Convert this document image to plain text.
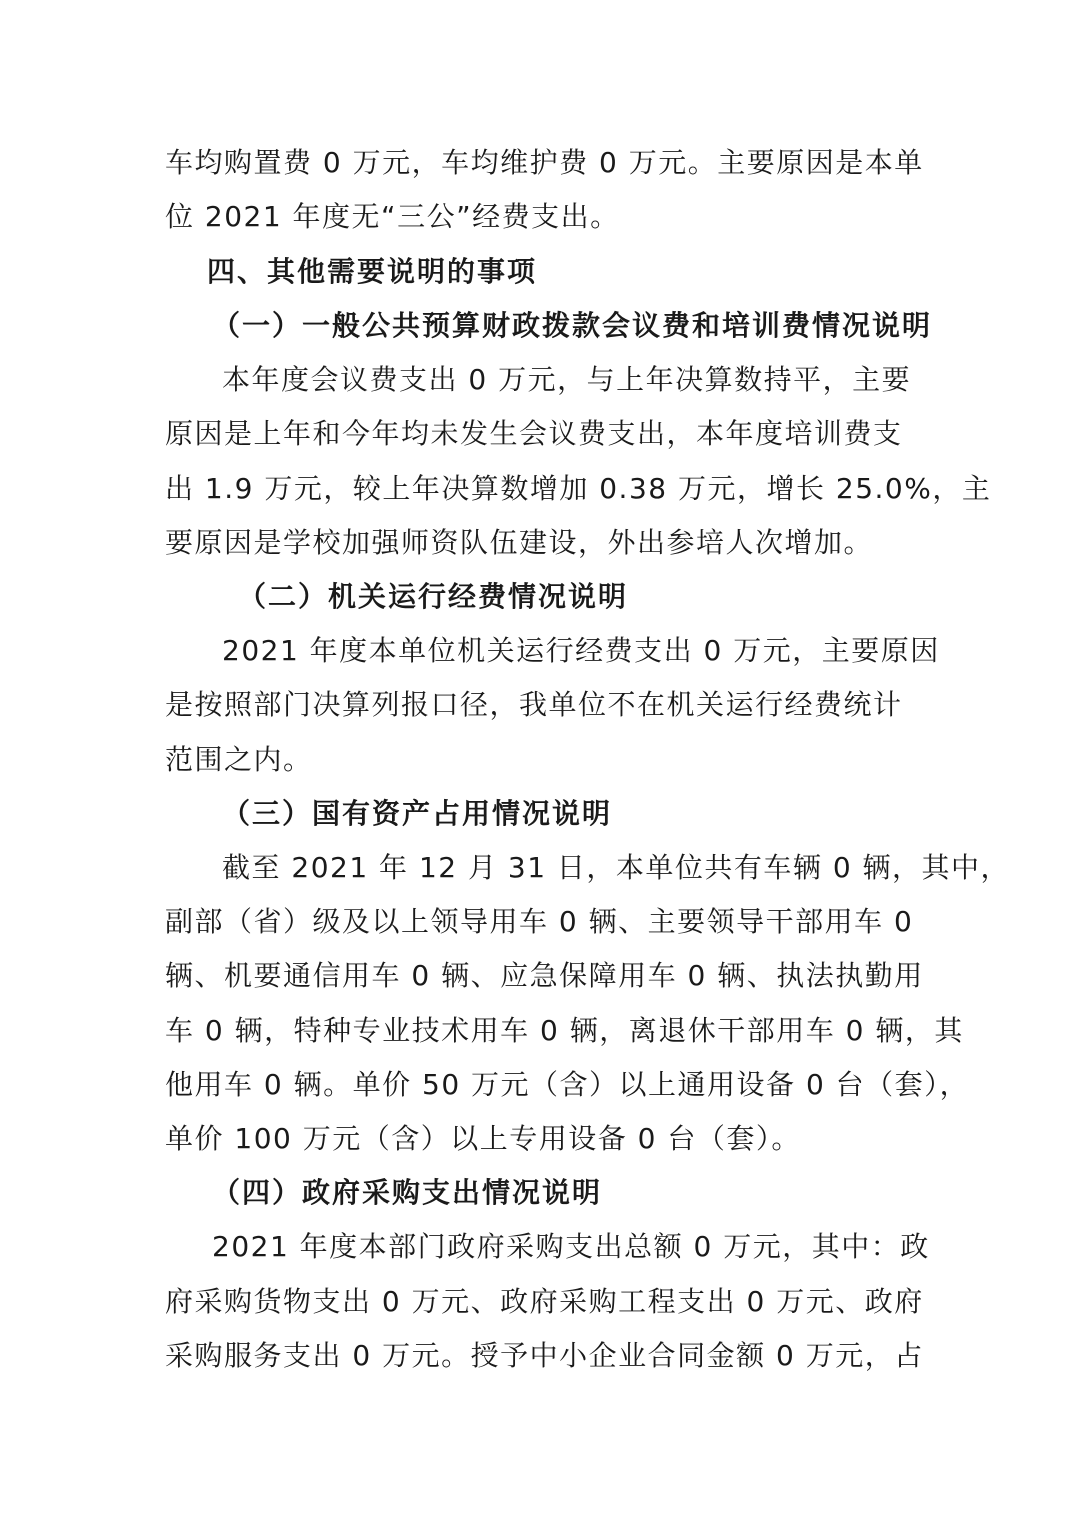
车均购置费 0 万元，车均维护费 0 万元。主要原因是本单
位 2021 年度无“三公”经费支出。
四、其他需要说明的事项
（一）一般公共预算财政拨款会议费和培训费情况说明
本年度会议费支出 0 万元，与上年决算数持平，主要
原因是上年和今年均未发生会议费支出，本年度培训费支
出 1.9 万元，较上年决算数增加 0.38 万元，增长 25.0%，主
要原因是学校加强师资队伍建设，外出参培人次增加。
（二）机关运行经费情况说明
2021 年度本单位机关运行经费支出 0 万元，主要原因
是按照部门决算列报口径，我单位不在机关运行经费统计
范围之内。
（三）国有资产占用情况说明
截至 2021 年 12 月 31 日，本单位共有车辆 0 辆，其中，
副部（省）级及以上领导用车 0 辆、主要领导干部用车 0
辆、机要通信用车 0 辆、应急保障用车 0 辆、执法执勤用
车 0 辆，特种专业技术用车 0 辆，离退休干部用车 0 辆，其
他用车 0 辆。单价 50 万元（含）以上通用设备 0 台（套），
单价 100 万元（含）以上专用设备 0 台（套）。
（四）政府采购支出情况说明
2021 年度本部门政府采购支出总额 0 万元，其中：政
府采购货物支出 0 万元、政府采购工程支出 0 万元、政府
采购服务支出 0 万元。授予中小企业合同金额 0 万元，占
